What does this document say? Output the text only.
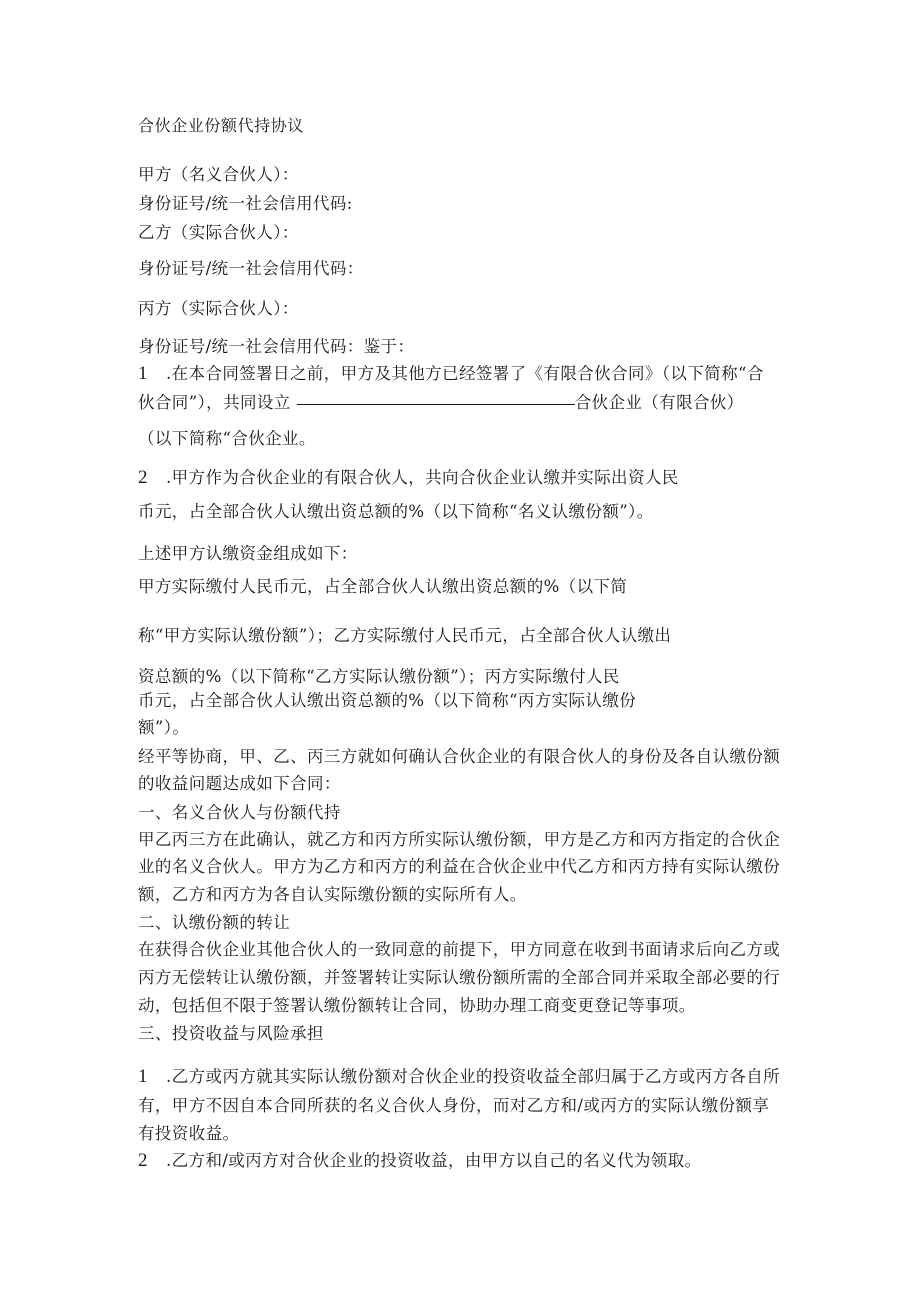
合伙企业份额代持协议

甲方（名义合伙人）：

身份证号/统一社会信用代码:

乙方（实际合伙人）：

身份证号/统一社会信用代码：

丙方（实际合伙人）：

身份证号/统一社会信用代码：鉴于：

1 .在本合同签署日之前，甲方及其他方已经签署了《有限合伙合同》（以下简称“合

伙合同”），共同设立	合伙企业（有限合伙）

（以下简称“合伙企业。

2 .甲方作为合伙企业的有限合伙人，共向合伙企业认缴并实际出资人民

币元，占全部合伙人认缴出资总额的%（以下简称“名义认缴份额”）。

上述甲方认缴资金组成如下：

甲方实际缴付人民币元，占全部合伙人认缴出资总额的%（以下简

称“甲方实际认缴份额”）；乙方实际缴付人民币元，占全部合伙人认缴出

资总额的%（以下简称“乙方实际认缴份额”）；丙方实际缴付人民

币元，占全部合伙人认缴出资总额的%（以下简称“丙方实际认缴份

额”）。

经平等协商，甲、乙、丙三方就如何确认合伙企业的有限合伙人的身份及各自认缴份额

的收益问题达成如下合同：

一、名义合伙人与份额代持

甲乙丙三方在此确认，就乙方和丙方所实际认缴份额，甲方是乙方和丙方指定的合伙企

业的名义合伙人。甲方为乙方和丙方的利益在合伙企业中代乙方和丙方持有实际认缴份

额，乙方和丙方为各自认实际缴份额的实际所有人。

二、认缴份额的转让

在获得合伙企业其他合伙人的一致同意的前提下，甲方同意在收到书面请求后向乙方或

丙方无偿转让认缴份额，并签署转让实际认缴份额所需的全部合同并采取全部必要的行

动，包括但不限于签署认缴份额转让合同，协助办理工商变更登记等事项。

三、投资收益与风险承担

1 .乙方或丙方就其实际认缴份额对合伙企业的投资收益全部归属于乙方或丙方各自所

有，甲方不因自本合同所获的名义合伙人身份，而对乙方和/或丙方的实际认缴份额享

有投资收益。

2 .乙方和/或丙方对合伙企业的投资收益，由甲方以自己的名义代为领取。
